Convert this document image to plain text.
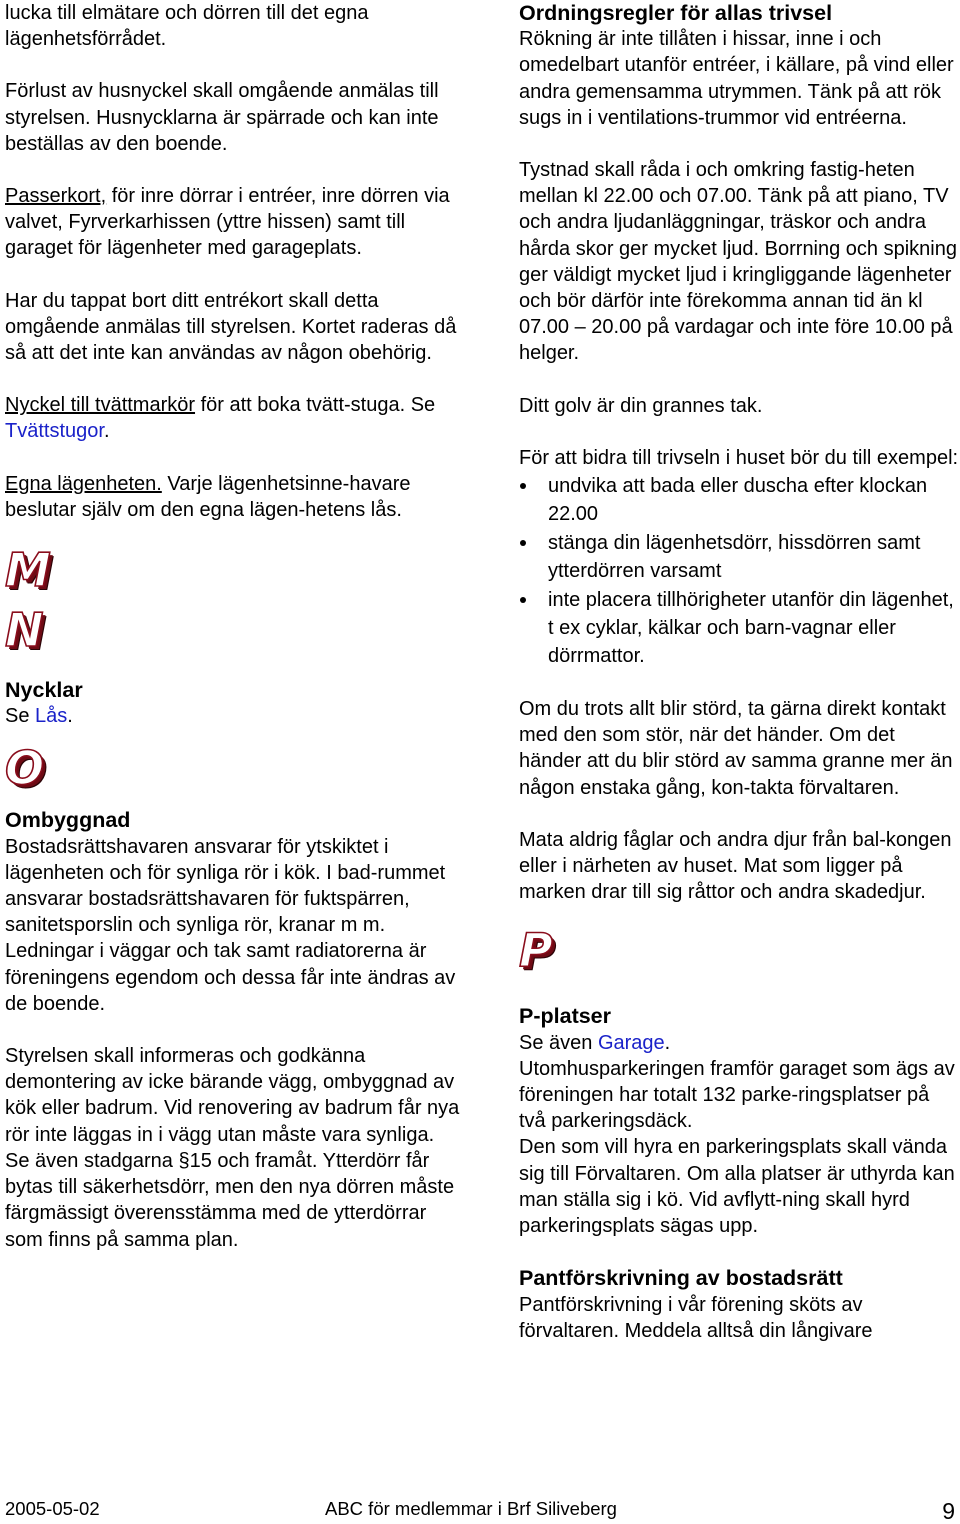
lucka till elmätare och dörren till det egna lägenhetsförrådet.

Förlust av husnyckel skall omgående anmälas till styrelsen. Husnycklarna är spärrade och kan inte beställas av den boende.

Passerkort, för inre dörrar i entréer, inre dörren via valvet, Fyrverkarhissen (yttre hissen) samt till garaget för lägenheter med garageplats.

Har du tappat bort ditt entrékort skall detta omgående anmälas till styrelsen. Kortet raderas då så att det inte kan användas av någon obehörig.

Nyckel till tvättmarkör för att boka tvätt-stuga. Se Tvättstugor.

Egna lägenheten. Varje lägenhetsinne-havare beslutar själv om den egna lägen-hetens lås.

M
N

Nycklar

Se Lås.

O

Ombyggnad

Bostadsrättshavaren ansvarar för ytskiktet i lägenheten och för synliga rör i kök. I bad-rummet ansvarar bostadsrättshavaren för fuktspärren, sanitetsporslin och synliga rör, kranar m m. Ledningar i väggar och tak samt radiatorerna är föreningens egendom och dessa får inte ändras av de boende.

Styrelsen skall informeras och godkänna demontering av icke bärande vägg, ombyggnad av kök eller badrum. Vid renovering av badrum får nya rör inte läggas in i vägg utan måste vara synliga. Se även stadgarna §15 och framåt. Ytterdörr får bytas till säkerhetsdörr, men den nya dörren måste färgmässigt överensstämma med de ytterdörrar som finns på samma plan.

Ordningsregler för allas trivsel

Rökning är inte tillåten i hissar, inne i och omedelbart utanför entréer, i källare, på vind eller andra gemensamma utrymmen. Tänk på att rök sugs in i ventilations-trummor vid entréerna.

Tystnad skall råda i och omkring fastig-heten mellan kl 22.00 och 07.00. Tänk på att piano, TV och andra ljudanläggningar, träskor och andra hårda skor ger mycket ljud. Borrning och spikning ger väldigt mycket ljud i kringliggande lägenheter och bör därför inte förekomma annan tid än kl 07.00 – 20.00 på vardagar och inte före 10.00 på helger.

Ditt golv är din grannes tak.

För att bidra till trivseln i huset bör du till exempel:

undvika att bada eller duscha efter klockan 22.00
stänga din lägenhetsdörr, hissdörren samt ytterdörren varsamt
inte placera tillhörigheter utanför din lägenhet, t ex cyklar, kälkar och barn-vagnar eller dörrmattor.

Om du trots allt blir störd, ta gärna direkt kontakt med den som stör, när det händer. Om det händer att du blir störd av samma granne mer än någon enstaka gång, kon-takta förvaltaren.

Mata aldrig fåglar och andra djur från bal-kongen eller i närheten av huset. Mat som ligger på marken drar till sig råttor och andra skadedjur.

P

P-platser

Se även Garage.

Utomhusparkeringen framför garaget som ägs av föreningen har totalt 132 parke-ringsplatser på två parkeringsdäck.

Den som vill hyra en parkeringsplats skall vända sig till Förvaltaren. Om alla platser är uthyrda kan man ställa sig i kö. Vid avflytt-ning skall hyrd parkeringsplats sägas upp.

Pantförskrivning av bostadsrätt

Pantförskrivning i vår förening sköts av förvaltaren. Meddela alltså din långivare

2005-05-02	ABC för medlemmar i Brf Siliveberg	9
